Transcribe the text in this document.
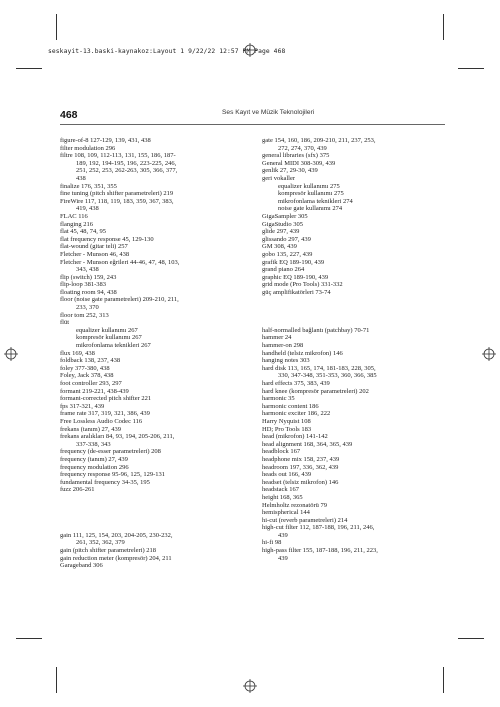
seskayit-13.baski-kaynakoz:Layout 1 9/22/22 12:57 PM Page 468
468	Ses Kayıt ve Müzik Teknolojileri
figure-of-8 127-129, 139, 431, 438
filter modulation 296
filtre 108, 109, 112-113, 131, 155, 186, 187-
189, 192, 194-195, 196, 223-225, 246,
251, 252, 253, 262-263, 305, 366, 377,
438
finalize 176, 351, 355
fine tuning (pitch shifter parametreleri) 219
FireWire 117, 118, 119, 183, 359, 367, 383,
419, 438
FLAC 116
flanging 216
flat 45, 48, 74, 95
flat frequency response 45, 129-130
flat-wound (gitar teli) 257
Fletcher - Munson 46, 438
Fletcher - Munson eğrileri 44-46, 47, 48, 103,
343, 438
flip (switch) 159, 243
flip-loop 381-383
floating room 94, 438
floor (noise gate parametreleri) 209-210, 211,
233, 370
floor tom 252, 313
flüt
equalizer kullanımı 267
kompresör kullanımı 267
mikrofonlama teknikleri 267
flux 169, 438
foldback 138, 237, 438
foley 377-380, 438
Foley, Jack 378, 438
foot controller 293, 297
formant 219-221, 438-439
formant-corrected pitch shifter 221
fps 317-321, 439
frame rate 317, 319, 321, 386, 439
Free Lossless Audio Codec 116
frekans (tanım) 27, 439
frekans aralıkları 84, 93, 194, 205-206, 211,
337-338, 343
frequency (de-esser parametreleri) 208
frequency (tanım) 27, 439
frequency modulation 296
frequency response 95-96, 125, 129-131
fundamental frequency 34-35, 195
fuzz 206-261
gain 111, 125, 154, 203, 204-205, 230-232,
261, 352, 362, 379
gain (pitch shifter parametreleri) 218
gain reduction meter (kompresör) 204, 211
Garageband 306
gate 154, 160, 186, 209-210, 211, 237, 253,
272, 274, 370, 439
general libraries (sfx) 375
General MIDI 308-309, 439
genlik 27, 29-30, 439
geri vokaller
equalizer kullanımı 275
kompresör kullanımı 275
mikrofonlama teknikleri 274
noise gate kullanımı 274
GigaSampler 305
GigaStudio 305
glide 297, 439
glissando 297, 439
GM 308, 439
gobo 135, 227, 439
grafik EQ 189-190, 439
grand piano 264
graphic EQ 189-190, 439
grid mode (Pro Tools) 331-332
güç amplifikatörleri 73-74
half-normalled bağlantı (patchbay) 70-71
hammer 24
hammer-on 298
handheld (telsiz mikrofon) 146
hanging notes 303
hard disk 113, 165, 174, 181-183, 228, 305,
330, 347-348, 351-353, 360, 366, 385
hard effects 375, 383, 439
hard knee (kompresör parametreleri) 202
harmonic 35
harmonic content 186
harmonic exciter 186, 222
Harry Nyquist 108
HD; Pro Tools 183
head (mikrofon) 141-142
head alignment 168, 364, 365, 439
headblock 167
headphone mix 158, 237, 439
headroom 197, 336, 362, 439
heads out 166, 439
headset (telsiz mikrofon) 146
headstack 167
height 168, 365
Helmholtz rezonatörü 79
hemispherical 144
hi-cut (reverb parametreleri) 214
high-cut filter 112, 187-188, 196, 211, 246,
439
hi-fi 98
high-pass filter 155, 187-188, 196, 211, 223,
439
